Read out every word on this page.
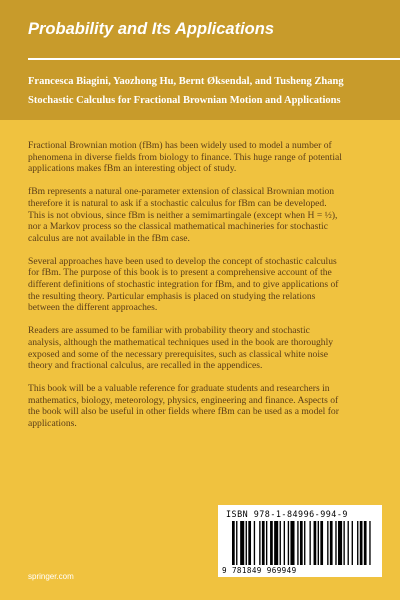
Probability and Its Applications
Francesca Biagini, Yaozhong Hu, Bernt Øksendal, and Tusheng Zhang
Stochastic Calculus for Fractional Brownian Motion and Applications

Fractional Brownian motion (fBm) has been widely used to model a number of
phenomena in diverse fields from biology to finance. This huge range of potential
applications makes fBm an interesting object of study.

fBm represents a natural one-parameter extension of classical Brownian motion
therefore it is natural to ask if a stochastic calculus for fBm can be developed.
This is not obvious, since fBm is neither a semimartingale (except when H = ½),
nor a Markov process so the classical mathematical machineries for stochastic
calculus are not available in the fBm case.

Several approaches have been used to develop the concept of stochastic calculus
for fBm. The purpose of this book is to present a comprehensive account of the
different definitions of stochastic integration for fBm, and to give applications of
the resulting theory. Particular emphasis is placed on studying the relations
between the different approaches.

Readers are assumed to be familiar with probability theory and stochastic
analysis, although the mathematical techniques used in the book are thoroughly
exposed and some of the necessary prerequisites, such as classical white noise
theory and fractional calculus, are recalled in the appendices.

This book will be a valuable reference for graduate students and researchers in
mathematics, biology, meteorology, physics, engineering and finance. Aspects of
the book will also be useful in other fields where fBm can be used as a model for
applications.

ISBN 978-1-84996-994-9
9 781849 969949
springer.com
